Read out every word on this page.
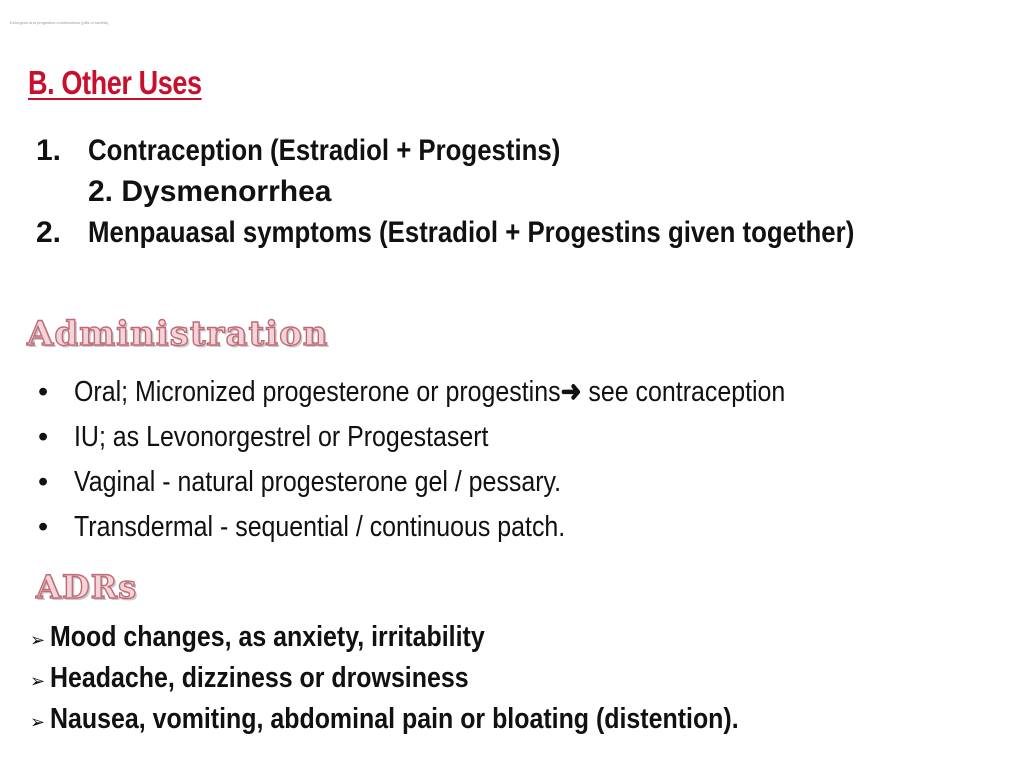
Estrogens and progestins combinations (pills or tablets)
B. Other Uses
1. Contraception (Estradiol + Progestins)
2. Dysmenorrhea
2. Menpauasal symptoms (Estradiol + Progestins given together)
Administration
• Oral; Micronized progesterone or progestins➜ see contraception
• IU; as Levonorgestrel or Progestasert
• Vaginal - natural progesterone gel / pessary.
• Transdermal - sequential / continuous patch.
ADRs
➢ Mood changes, as anxiety, irritability
➢ Headache, dizziness or drowsiness
➢ Nausea, vomiting, abdominal pain or bloating (distention).
